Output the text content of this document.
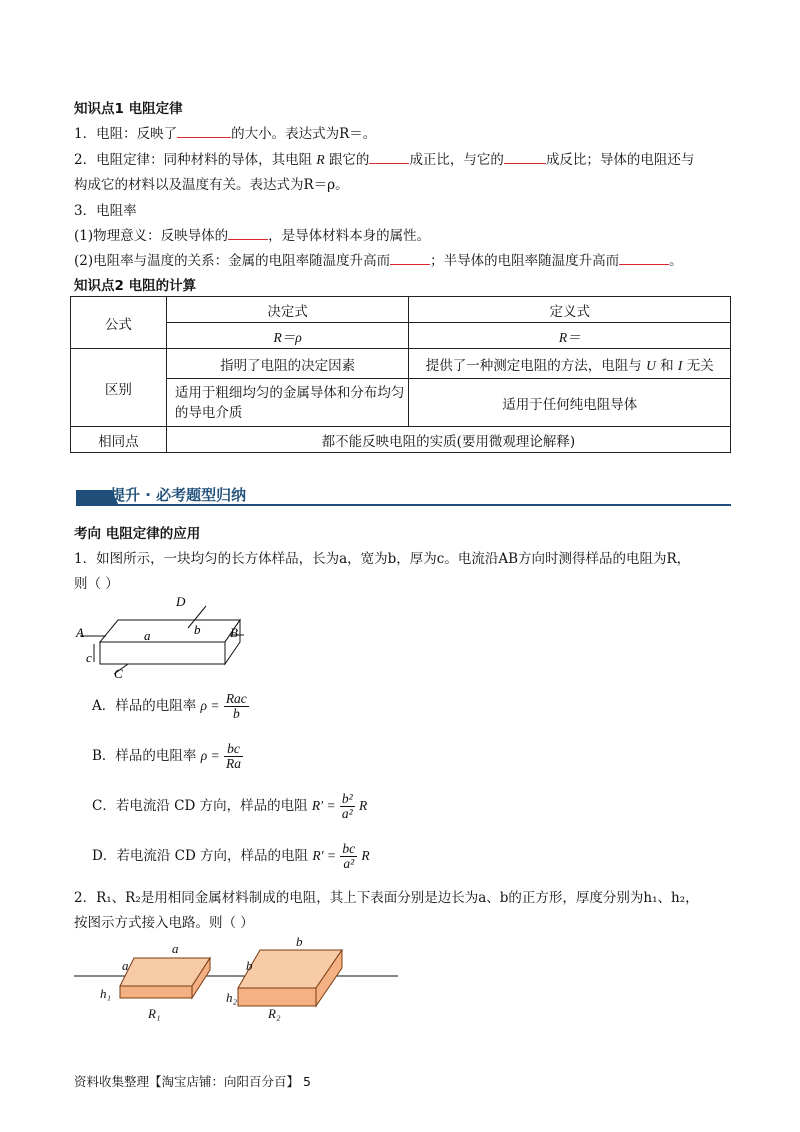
知识点1 电阻定律
1．电阻：反映了	的大小。表达式为R＝。
2．电阻定律：同种材料的导体，其电阻 R 跟它的	成正比，与它的	成反比；导体的电阻还与
构成它的材料以及温度有关。表达式为R＝ρ。
3．电阻率
(1)物理意义：反映导体的	，是导体材料本身的属性。
(2)电阻率与温度的关系：金属的电阻率随温度升高而	；半导体的电阻率随温度升高而	。
知识点2 电阻的计算
公式	决定式	定义式
	R＝ρ	R＝
区别	指明了电阻的决定因素	提供了一种测定电阻的方法，电阻与 U 和 I 无关
	适用于粗细均匀的金属导体和分布均匀的导电介质	适用于任何纯电阻导体
相同点	都不能反映电阻的实质(要用微观理论解释)	
提升 · 必考题型归纳
考向 电阻定律的应用
1．如图所示，一块均匀的长方体样品，长为a，宽为b，厚为c。电流沿AB方向时测得样品的电阻为R，
则（ ）
A	B
D
C
a	b
c
A．样品的电阻率 $\rho = \frac{\text{Rac}}{b}$
B．样品的电阻率 $\rho = \frac{bc}{Ra}$
C．若电流沿 CD 方向，样品的电阻 $R' = \frac{\text{b²}}{\text{a²}}$ R
D．若电流沿 CD 方向，样品的电阻 $R' = \frac{bc}{\text{a²}}$ R
2．R₁、R₂是用相同金属材料制成的电阻，其上下表面分别是边长为a、b的正方形，厚度分别为h₁、h₂，
按图示方式接入电路。则（ ）
a
a
b
b
h₁	h₂
R₁	R₂
资料收集整理【淘宝店铺：向阳百分百】 5
